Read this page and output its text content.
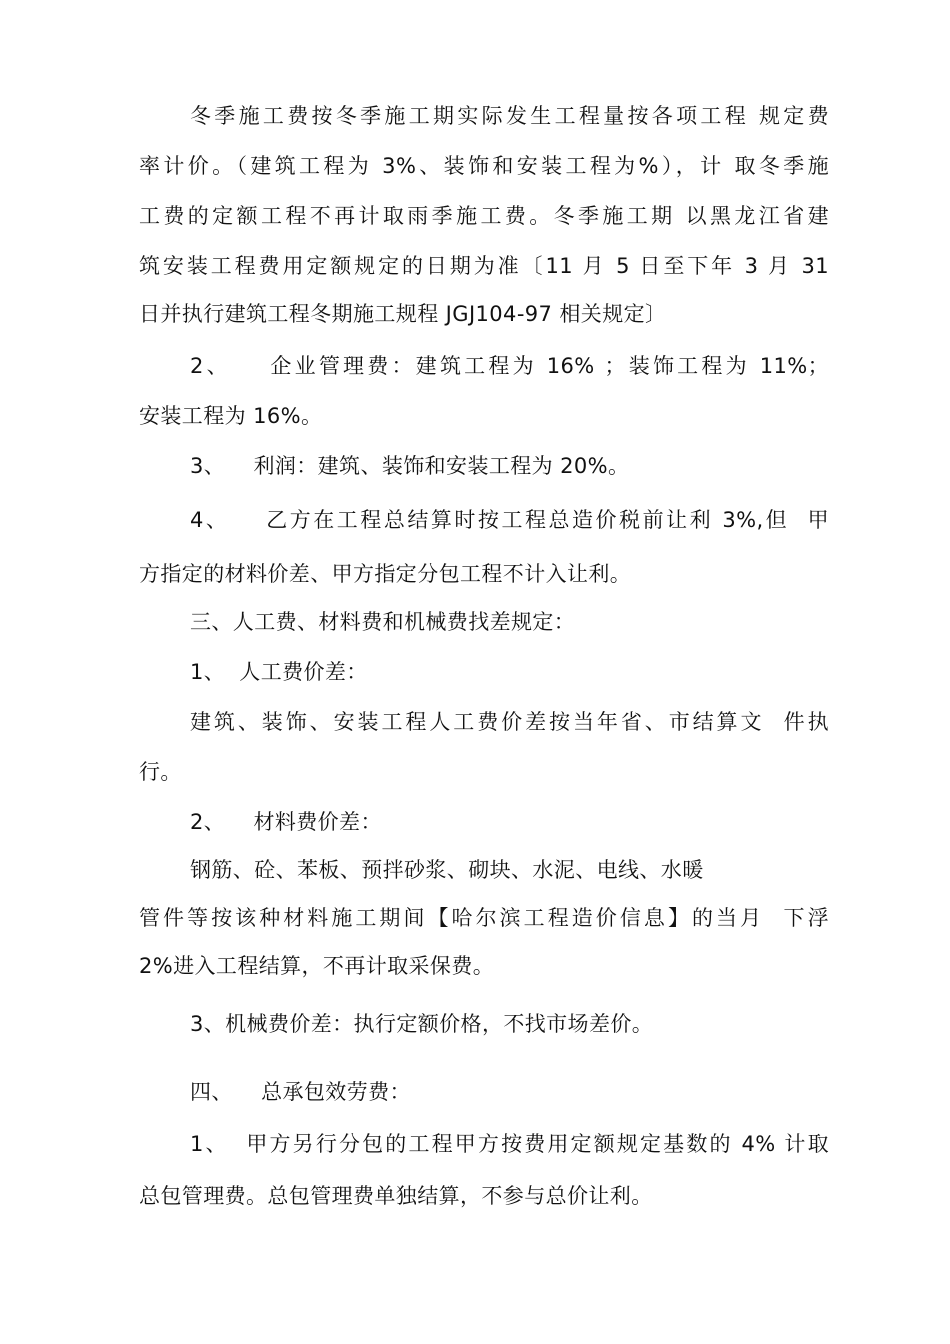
冬季施工费按冬季施工期实际发生工程量按各项工程 规定费
率计价。（建筑工程为 3%、装饰和安装工程为%），计 取冬季施
工费的定额工程不再计取雨季施工费。冬季施工期 以黑龙江省建
筑安装工程费用定额规定的日期为准〔11 月 5 日至下年 3 月 31
日并执行建筑工程冬期施工规程 JGJ104-97 相关规定〕
2、    企业管理费：建筑工程为 16% ；装饰工程为 11%；
安装工程为 16%。
3、    利润：建筑、装饰和安装工程为 20%。
4、    乙方在工程总结算时按工程总造价税前让利 3%,但  甲
方指定的材料价差、甲方指定分包工程不计入让利。
三、人工费、材料费和机械费找差规定：
1、  人工费价差：
建筑、装饰、安装工程人工费价差按当年省、市结算文  件执
行。
2、    材料费价差：
钢筋、砼、苯板、预拌砂浆、砌块、水泥、电线、水暖
管件等按该种材料施工期间【哈尔滨工程造价信息】的当月  下浮
2%进入工程结算，不再计取采保费。
3、机械费价差：执行定额价格，不找市场差价。
四、    总承包效劳费：
1、  甲方另行分包的工程甲方按费用定额规定基数的 4% 计取
总包管理费。总包管理费单独结算，不参与总价让利。
